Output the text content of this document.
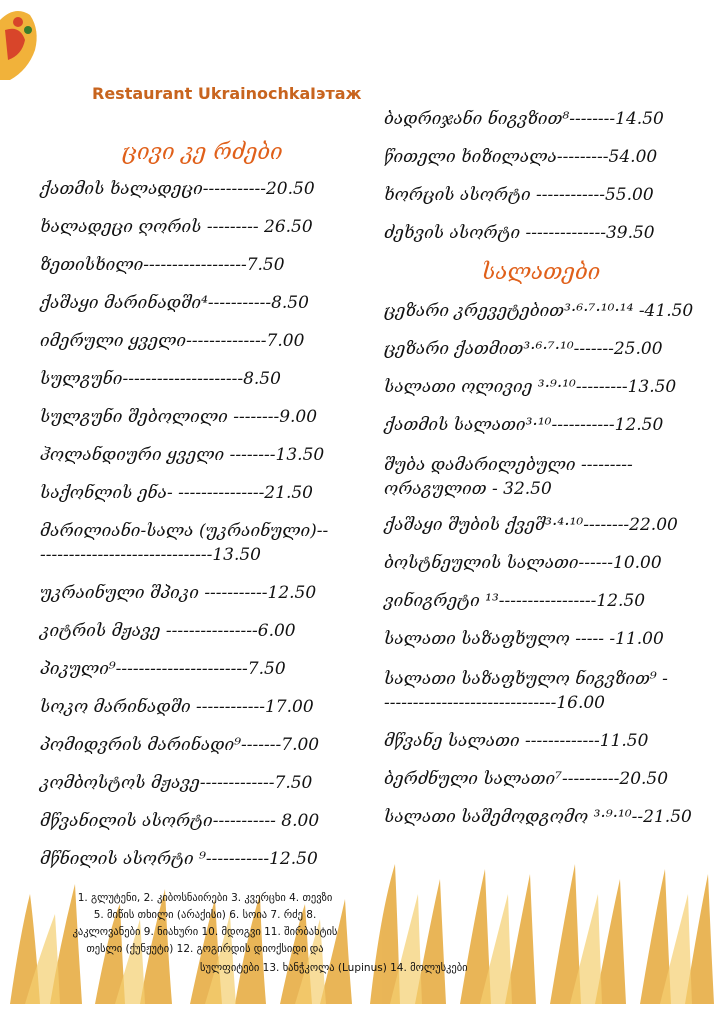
Restaurant Ukrainochka Iэтаж
ცივი კე რძები
ქათმის ხალადეცი-----------20.50
ხალადეცი ღორის --------- 26.50
ზეთისხილი------------------7.50
ქაშაყი მარინადში⁴-----------8.50
იმერული ყველი--------------7.00
სულგუნი---------------------8.50
სულგუნი შებოლილი --------9.00
ჰოლანდიური ყველი --------13.50
საქონლის ენა- ---------------21.50
მარილიანი-სალა (უკრაინული)--
------------------------------13.50
უკრაინული შპიკი -----------12.50
კიტრის მჟავე ----------------6.00
პიკული⁹-----------------------7.50
სოკო მარინადში ------------17.00
პომიდვრის მარინადი⁹-------7.00
კომბოსტოს მჟავე-------------7.50
მწვანილის ასორტი----------- 8.00
მწნილის ასორტი ⁹-----------12.50
ბადრიჯანი ნიგვზით⁸--------14.50
წითელი ხიზილალა---------54.00
ხორცის ასორტი ------------55.00
ძეხვის ასორტი --------------39.50
სალათები
ცეზარი კრევეტებით³·⁶·⁷·¹⁰·¹⁴ -41.50
ცეზარი ქათმით³·⁶·⁷·¹⁰-------25.00
სალათი ოლივიე ³·⁹·¹⁰---------13.50
ქათმის სალათი³·¹⁰-----------12.50
შუბა დამარილებული ---------
ორაგულით - 32.50
ქაშაყი შუბის ქვეშ³·⁴·¹⁰--------22.00
ბოსტნეულის სალათი------10.00
ვინიგრეტი ¹³-----------------12.50
სალათი საზაფხულო ----- -11.00
სალათი საზაფხულო ნიგვზით⁹ -
------------------------------16.00
მწვანე სალათი -------------11.50
ბერძნული სალათი⁷----------20.50
სალათი საშემოდგომო ³·⁹·¹⁰--21.50
1. გლუტენი, 2. კიბოსნაირები 3. კვერცხი 4. თევზი
5. მიწის თხილი (არაქისი) 6. სოია 7. რძე 8.
კაკლოვანები 9. ნიახური 10. მდოგვი 11. შირბახტის
თესლი (ქუნჟუტი) 12. გოგირდის დიოქსიდი და
სულფიტები 13. ხანჭკოლა (Lupinus) 14. მოლუსკები
